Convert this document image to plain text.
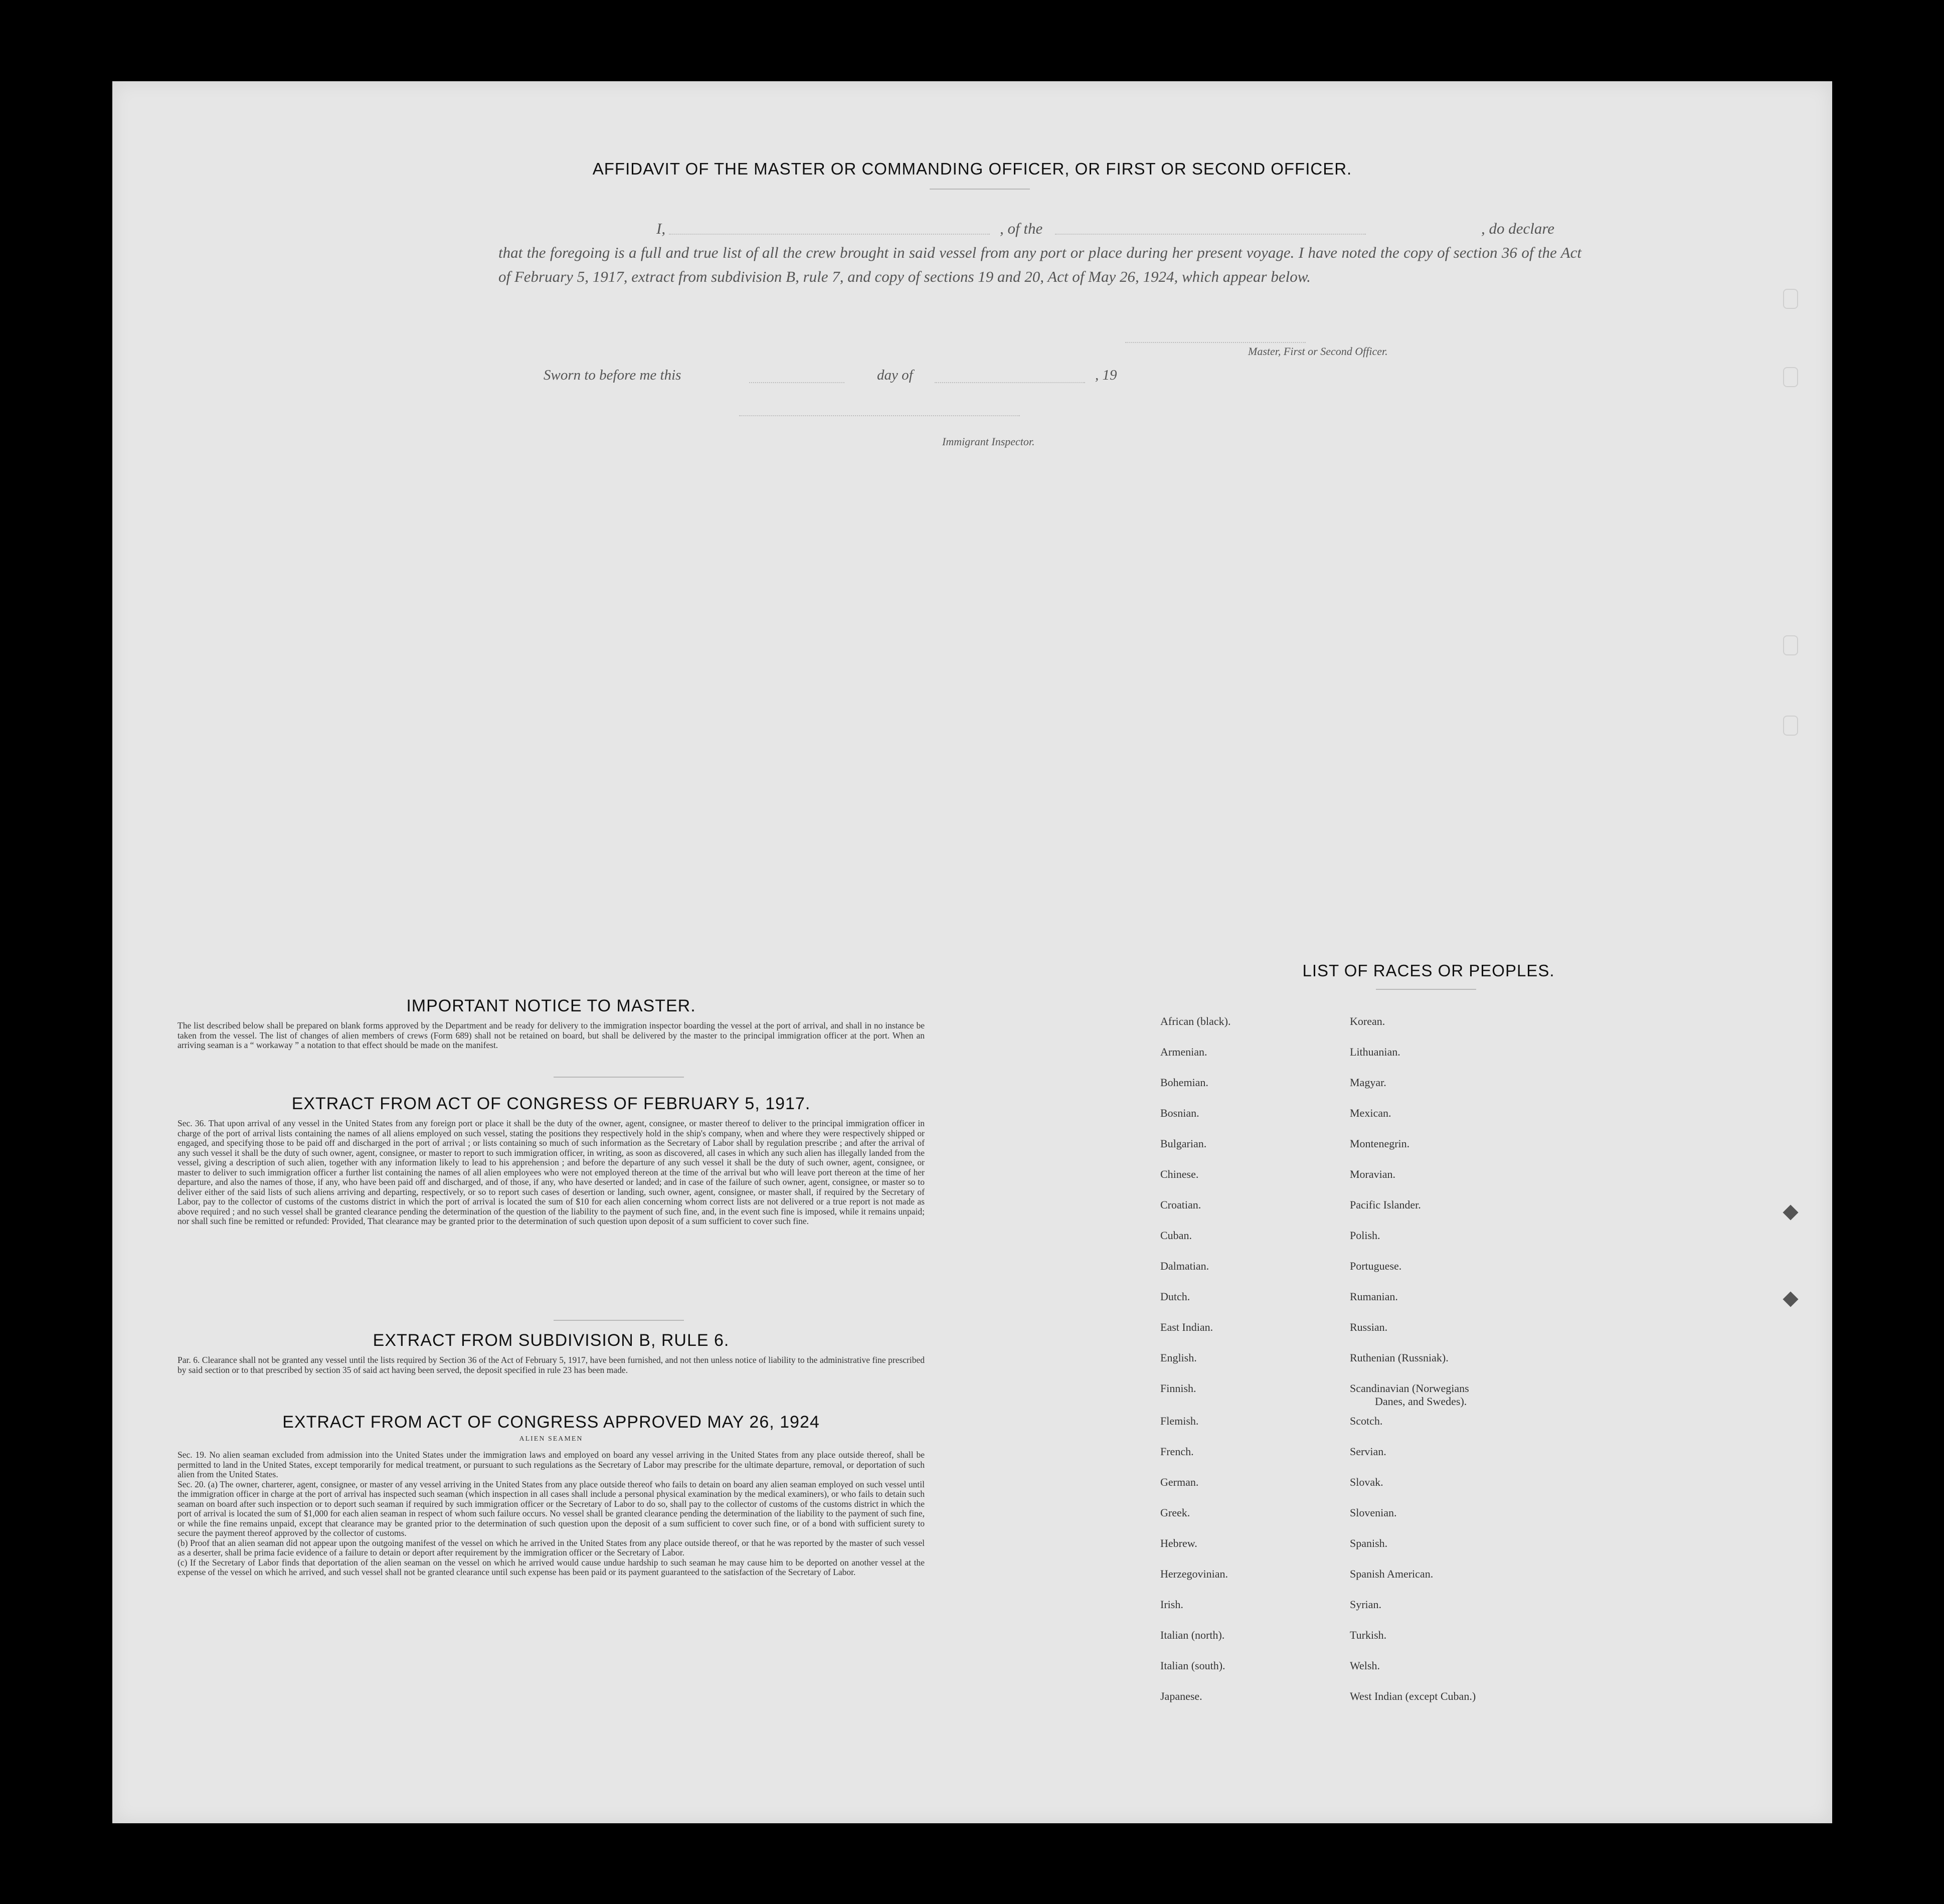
AFFIDAVIT OF THE MASTER OR COMMANDING OFFICER, OR FIRST OR SECOND OFFICER.
I,	, of the	, do declare

that the foregoing is a full and true list of all the crew brought in said vessel from any port or place during her present voyage. I have noted the copy of section 36 of the Act of February 5, 1917, extract from subdivision B, rule 7, and copy of sections 19 and 20, Act of May 26, 1924, which appear below.

Master, First or Second Officer.
Sworn to before me this	day of	, 19
Immigrant Inspector.
IMPORTANT NOTICE TO MASTER.

The list described below shall be prepared on blank forms approved by the Department and be ready for delivery to the immigration inspector boarding the vessel at the port of arrival, and shall in no instance be taken from the vessel. The list of changes of alien members of crews (Form 689) shall not be retained on board, but shall be delivered by the master to the principal immigration officer at the port. When an arriving seaman is a “ workaway ” a notation to that effect should be made on the manifest.

EXTRACT FROM ACT OF CONGRESS OF FEBRUARY 5, 1917.

Sec. 36. That upon arrival of any vessel in the United States from any foreign port or place it shall be the duty of the owner, agent, consignee, or master thereof to deliver to the principal immigration officer in charge of the port of arrival lists containing the names of all aliens employed on such vessel, stating the positions they respectively hold in the ship's company, when and where they were respectively shipped or engaged, and specifying those to be paid off and discharged in the port of arrival ; or lists containing so much of such information as the Secretary of Labor shall by regulation prescribe ; and after the arrival of any such vessel it shall be the duty of such owner, agent, consignee, or master to report to such immigration officer, in writing, as soon as discovered, all cases in which any such alien has illegally landed from the vessel, giving a description of such alien, together with any information likely to lead to his apprehension ; and before the departure of any such vessel it shall be the duty of such owner, agent, consignee, or master to deliver to such immigration officer a further list containing the names of all alien employees who were not employed thereon at the time of the arrival but who will leave port thereon at the time of her departure, and also the names of those, if any, who have been paid off and discharged, and of those, if any, who have deserted or landed; and in case of the failure of such owner, agent, consignee, or master so to deliver either of the said lists of such aliens arriving and departing, respectively, or so to report such cases of desertion or landing, such owner, agent, consignee, or master shall, if required by the Secretary of Labor, pay to the collector of customs of the customs district in which the port of arrival is located the sum of $10 for each alien concerning whom correct lists are not delivered or a true report is not made as above required ; and no such vessel shall be granted clearance pending the determination of the question of the liability to the payment of such fine, and, in the event such fine is imposed, while it remains unpaid; nor shall such fine be remitted or refunded: Provided, That clearance may be granted prior to the determination of such question upon deposit of a sum sufficient to cover such fine.

EXTRACT FROM SUBDIVISION B, RULE 6.

Par. 6. Clearance shall not be granted any vessel until the lists required by Section 36 of the Act of February 5, 1917, have been furnished, and not then unless notice of liability to the administrative fine prescribed by said section or to that prescribed by section 35 of said act having been served, the deposit specified in rule 23 has been made.

EXTRACT FROM ACT OF CONGRESS APPROVED MAY 26, 1924
ALIEN SEAMEN

Sec. 19. No alien seaman excluded from admission into the United States under the immigration laws and employed on board any vessel arriving in the United States from any place outside thereof, shall be permitted to land in the United States, except temporarily for medical treatment, or pursuant to such regulations as the Secretary of Labor may prescribe for the ultimate departure, removal, or deportation of such alien from the United States.

Sec. 20. (a) The owner, charterer, agent, consignee, or master of any vessel arriving in the United States from any place outside thereof who fails to detain on board any alien seaman employed on such vessel until the immigration officer in charge at the port of arrival has inspected such seaman (which inspection in all cases shall include a personal physical examination by the medical examiners), or who fails to detain such seaman on board after such inspection or to deport such seaman if required by such immigration officer or the Secretary of Labor to do so, shall pay to the collector of customs of the customs district in which the port of arrival is located the sum of $1,000 for each alien seaman in respect of whom such failure occurs. No vessel shall be granted clearance pending the determination of the liability to the payment of such fine, or while the fine remains unpaid, except that clearance may be granted prior to the determination of such question upon the deposit of a sum sufficient to cover such fine, or of a bond with sufficient surety to secure the payment thereof approved by the collector of customs.

(b) Proof that an alien seaman did not appear upon the outgoing manifest of the vessel on which he arrived in the United States from any place outside thereof, or that he was reported by the master of such vessel as a deserter, shall be prima facie evidence of a failure to detain or deport after requirement by the immigration officer or the Secretary of Labor.

(c) If the Secretary of Labor finds that deportation of the alien seaman on the vessel on which he arrived would cause undue hardship to such seaman he may cause him to be deported on another vessel at the expense of the vessel on which he arrived, and such vessel shall not be granted clearance until such expense has been paid or its payment guaranteed to the satisfaction of the Secretary of Labor.

LIST OF RACES OR PEOPLES.
African (black).
Armenian.
Bohemian.
Bosnian.
Bulgarian.
Chinese.
Croatian.
Cuban.
Dalmatian.
Dutch.
East Indian.
English.
Finnish.
Flemish.
French.
German.
Greek.
Hebrew.
Herzegovinian.
Irish.
Italian (north).
Italian (south).
Japanese.
Korean.
Lithuanian.
Magyar.
Mexican.
Montenegrin.
Moravian.
Pacific Islander.
Polish.
Portuguese.
Rumanian.
Russian.
Ruthenian (Russniak).
Scandinavian (Norwegians
Danes, and Swedes).
Scotch.
Servian.
Slovak.
Slovenian.
Spanish.
Spanish American.
Syrian.
Turkish.
Welsh.
West Indian (except Cuban.)
